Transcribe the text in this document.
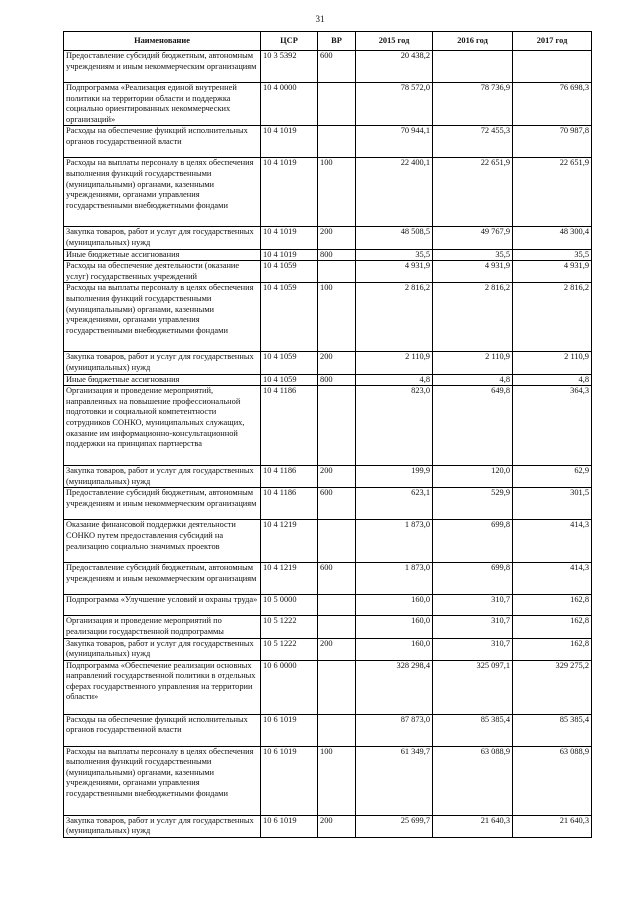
31
Наименование	ЦСР	ВР	2015 год	2016 год	2017 год
Предоставление субсидий бюджетным, автономным учреждениям и иным некоммерческим организациям	10 3 5392	600	20 438,2		
Подпрограмма «Реализация единой внутренней политики на территории области и поддержка социально ориентированных некоммерческих организаций»	10 4 0000		78 572,0	78 736,9	76 698,3
Расходы на обеспечение функций исполнительных органов государственной власти	10 4 1019		70 944,1	72 455,3	70 987,8
Расходы на выплаты персоналу в целях обеспечения выполнения функций государственными (муниципальными) органами, казенными учреждениями, органами управления государственными внебюджетными фондами	10 4 1019	100	22 400,1	22 651,9	22 651,9
Закупка товаров, работ и услуг для государственных (муниципальных) нужд	10 4 1019	200	48 508,5	49 767,9	48 300,4
Иные бюджетные ассигнования	10 4 1019	800	35,5	35,5	35,5
Расходы на обеспечение деятельности (оказание услуг) государственных учреждений	10 4 1059		4 931,9	4 931,9	4 931,9
Расходы на выплаты персоналу в целях обеспечения выполнения функций государственными (муниципальными) органами, казенными учреждениями, органами управления государственными внебюджетными фондами	10 4 1059	100	2 816,2	2 816,2	2 816,2
Закупка товаров, работ и услуг для государственных (муниципальных) нужд	10 4 1059	200	2 110,9	2 110,9	2 110,9
Иные бюджетные ассигнования	10 4 1059	800	4,8	4,8	4,8
Организация и проведение мероприятий, направленных на повышение профессиональной подготовки и социальной компетентности сотрудников СОНКО, муниципальных служащих, оказание им информационно-консультационной поддержки на принципах партнерства	10 4 1186		823,0	649,8	364,3
Закупка товаров, работ и услуг для государственных (муниципальных) нужд	10 4 1186	200	199,9	120,0	62,9
Предоставление субсидий бюджетным, автономным учреждениям и иным некоммерческим организациям	10 4 1186	600	623,1	529,9	301,5
Оказание финансовой поддержки деятельности СОНКО путем предоставления субсидий на реализацию социально значимых проектов	10 4 1219		1 873,0	699,8	414,3
Предоставление субсидий бюджетным, автономным учреждениям и иным некоммерческим организациям	10 4 1219	600	1 873,0	699,8	414,3
Подпрограмма «Улучшение условий и охраны труда»	10 5 0000		160,0	310,7	162,8
Организация и проведение мероприятий по реализации государственной подпрограммы	10 5 1222		160,0	310,7	162,8
Закупка товаров, работ и услуг для государственных (муниципальных) нужд	10 5 1222	200	160,0	310,7	162,8
Подпрограмма «Обеспечение реализации основных направлений государственной политики в отдельных сферах государственного управления на территории области»	10 6 0000		328 298,4	325 097,1	329 275,2
Расходы на обеспечение функций исполнительных органов государственной власти	10 6 1019		87 873,0	85 385,4	85 385,4
Расходы на выплаты персоналу в целях обеспечения выполнения функций государственными (муниципальными) органами, казенными учреждениями, органами управления государственными внебюджетными фондами	10 6 1019	100	61 349,7	63 088,9	63 088,9
Закупка товаров, работ и услуг для государственных (муниципальных) нужд	10 6 1019	200	25 699,7	21 640,3	21 640,3
